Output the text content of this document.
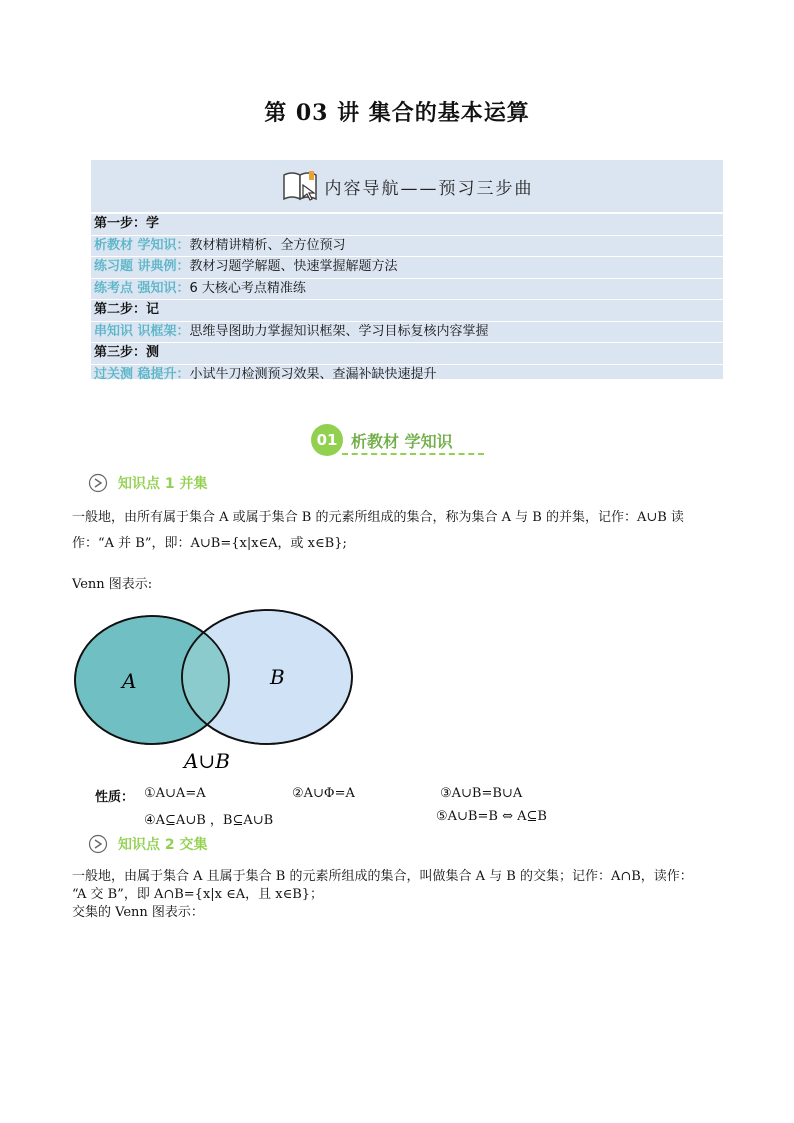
第 03 讲 集合的基本运算
内容导航——预习三步曲
第一步：学
析教材 学知识：教材精讲精析、全方位预习
练习题 讲典例：教材习题学解题、快速掌握解题方法
练考点 强知识：6 大核心考点精准练
第二步：记
串知识 识框架：思维导图助力掌握知识框架、学习目标复核内容掌握
第三步：测
过关测 稳提升：小试牛刀检测预习效果、查漏补缺快速提升
01 析教材 学知识
知识点 1 并集
一般地，由所有属于集合 A 或属于集合 B 的元素所组成的集合，称为集合 A 与 B 的并集，记作：A∪B 读
作：“A 并 B”，即：A∪B={x|x∈A，或 x∈B};
Venn 图表示:
A	B
A∪B
性质： ①A∪A=A	②A∪Φ=A	③A∪B=B∪A
④A⊆A∪B ，B⊆A∪B	⑤A∪B=B ⇔ A⊆B
知识点 2 交集
一般地，由属于集合 A 且属于集合 B 的元素所组成的集合，叫做集合 A 与 B 的交集；记作：A∩B，读作：
“A 交 B”，即 A∩B={x|x ∈A，且 x∈B}；
交集的 Venn 图表示：
